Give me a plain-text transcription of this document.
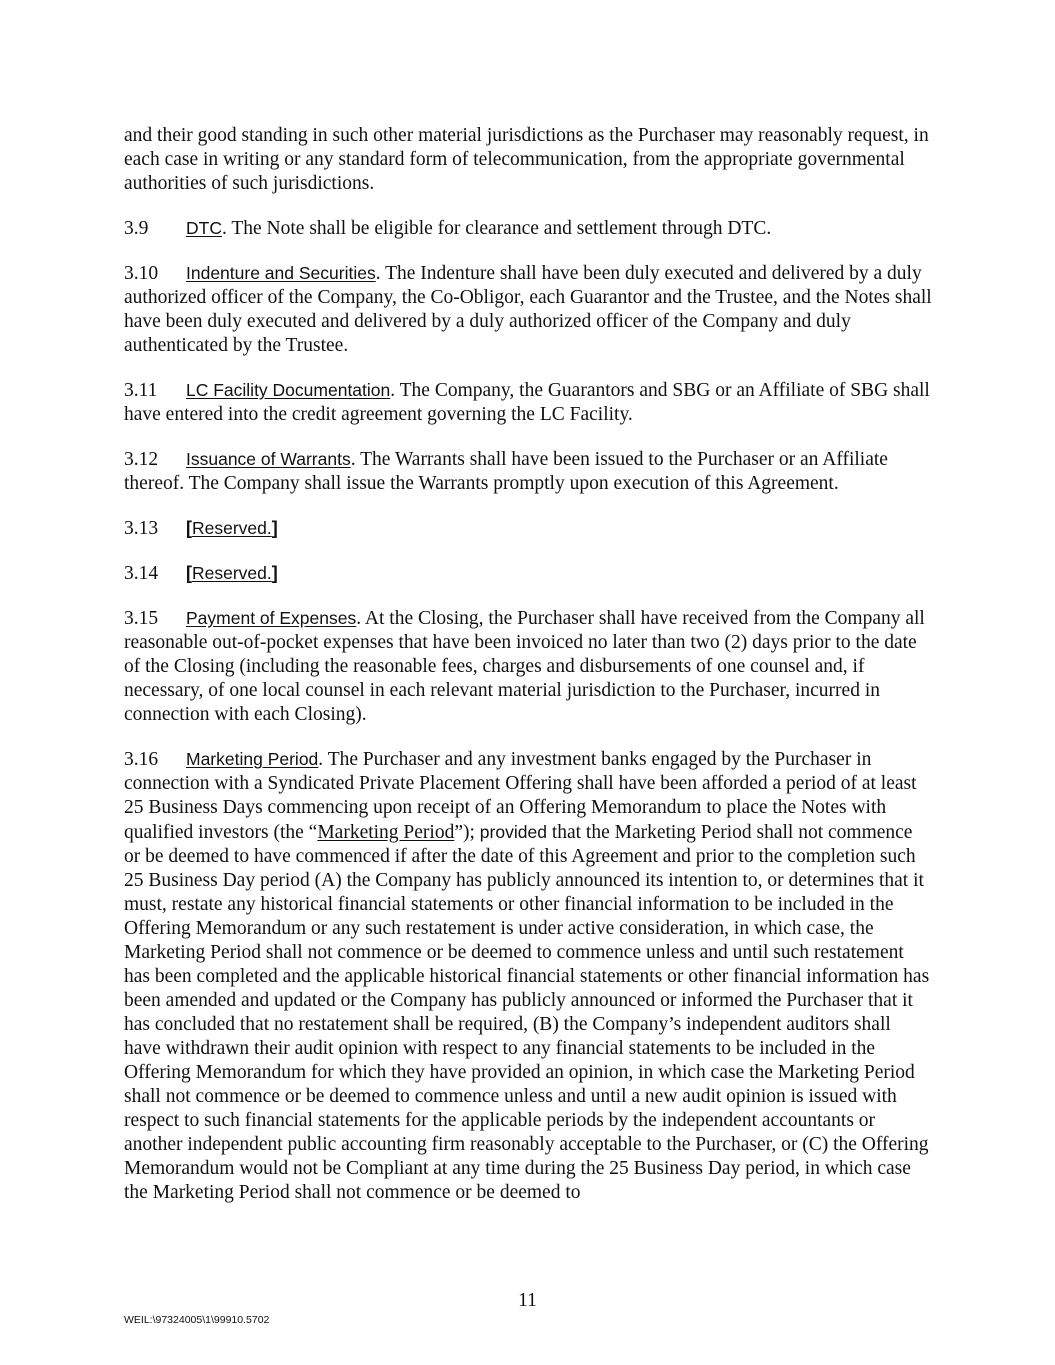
and their good standing in such other material jurisdictions as the Purchaser may reasonably request, in each case in writing or any standard form of telecommunication, from the appropriate governmental authorities of such jurisdictions.

3.9 DTC. The Note shall be eligible for clearance and settlement through DTC.

3.10 Indenture and Securities. The Indenture shall have been duly executed and delivered by a duly authorized officer of the Company, the Co-Obligor, each Guarantor and the Trustee, and the Notes shall have been duly executed and delivered by a duly authorized officer of the Company and duly authenticated by the Trustee.

3.11 LC Facility Documentation. The Company, the Guarantors and SBG or an Affiliate of SBG shall have entered into the credit agreement governing the LC Facility.

3.12 Issuance of Warrants. The Warrants shall have been issued to the Purchaser or an Affiliate thereof. The Company shall issue the Warrants promptly upon execution of this Agreement.

3.13 [Reserved.]

3.14 [Reserved.]

3.15 Payment of Expenses. At the Closing, the Purchaser shall have received from the Company all reasonable out-of-pocket expenses that have been invoiced no later than two (2) days prior to the date of the Closing (including the reasonable fees, charges and disbursements of one counsel and, if necessary, of one local counsel in each relevant material jurisdiction to the Purchaser, incurred in connection with each Closing).

3.16 Marketing Period. The Purchaser and any investment banks engaged by the Purchaser in connection with a Syndicated Private Placement Offering shall have been afforded a period of at least 25 Business Days commencing upon receipt of an Offering Memorandum to place the Notes with qualified investors (the “Marketing Period”); provided that the Marketing Period shall not commence or be deemed to have commenced if after the date of this Agreement and prior to the completion such 25 Business Day period (A) the Company has publicly announced its intention to, or determines that it must, restate any historical financial statements or other financial information to be included in the Offering Memorandum or any such restatement is under active consideration, in which case, the Marketing Period shall not commence or be deemed to commence unless and until such restatement has been completed and the applicable historical financial statements or other financial information has been amended and updated or the Company has publicly announced or informed the Purchaser that it has concluded that no restatement shall be required, (B) the Company’s independent auditors shall have withdrawn their audit opinion with respect to any financial statements to be included in the Offering Memorandum for which they have provided an opinion, in which case the Marketing Period shall not commence or be deemed to commence unless and until a new audit opinion is issued with respect to such financial statements for the applicable periods by the independent accountants or another independent public accounting firm reasonably acceptable to the Purchaser, or (C) the Offering Memorandum would not be Compliant at any time during the 25 Business Day period, in which case the Marketing Period shall not commence or be deemed to

11
WEIL:\97324005\1\99910.5702
